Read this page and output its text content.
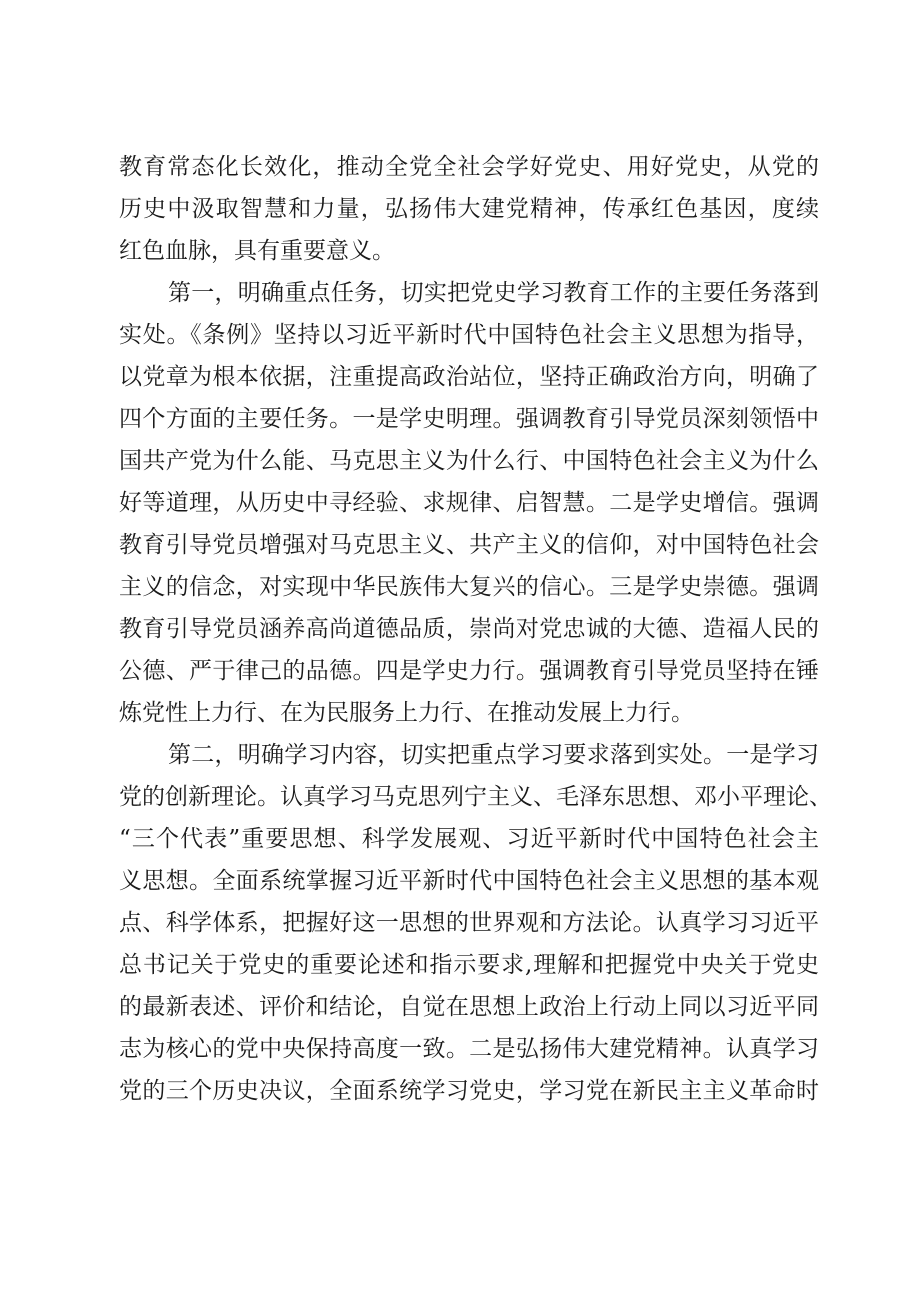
教育常态化长效化，推动全党全社会学好党史、用好党史，从党的
历史中汲取智慧和力量，弘扬伟大建党精神，传承红色基因，度续
红色血脉，具有重要意义。
第一，明确重点任务，切实把党史学习教育工作的主要任务落到
实处。《条例》坚持以习近平新时代中国特色社会主义思想为指导，
以党章为根本依据，注重提高政治站位，坚持正确政治方向，明确了
四个方面的主要任务。一是学史明理。强调教育引导党员深刻领悟中
国共产党为什么能、马克思主义为什么行、中国特色社会主义为什么
好等道理，从历史中寻经验、求规律、启智慧。二是学史增信。强调
教育引导党员增强对马克思主义、共产主义的信仰，对中国特色社会
主义的信念，对实现中华民族伟大复兴的信心。三是学史崇德。强调
教育引导党员涵养高尚道德品质，崇尚对党忠诚的大德、造福人民的
公德、严于律己的品德。四是学史力行。强调教育引导党员坚持在锤
炼党性上力行、在为民服务上力行、在推动发展上力行。
第二，明确学习内容，切实把重点学习要求落到实处。一是学习
党的创新理论。认真学习马克思列宁主义、毛泽东思想、邓小平理论、
“三个代表”重要思想、科学发展观、习近平新时代中国特色社会主
义思想。全面系统掌握习近平新时代中国特色社会主义思想的基本观
点、科学体系，把握好这一思想的世界观和方法论。认真学习习近平
总书记关于党史的重要论述和指示要求,理解和把握党中央关于党史
的最新表述、评价和结论，自觉在思想上政治上行动上同以习近平同
志为核心的党中央保持高度一致。二是弘扬伟大建党精神。认真学习
党的三个历史决议，全面系统学习党史，学习党在新民主主义革命时
